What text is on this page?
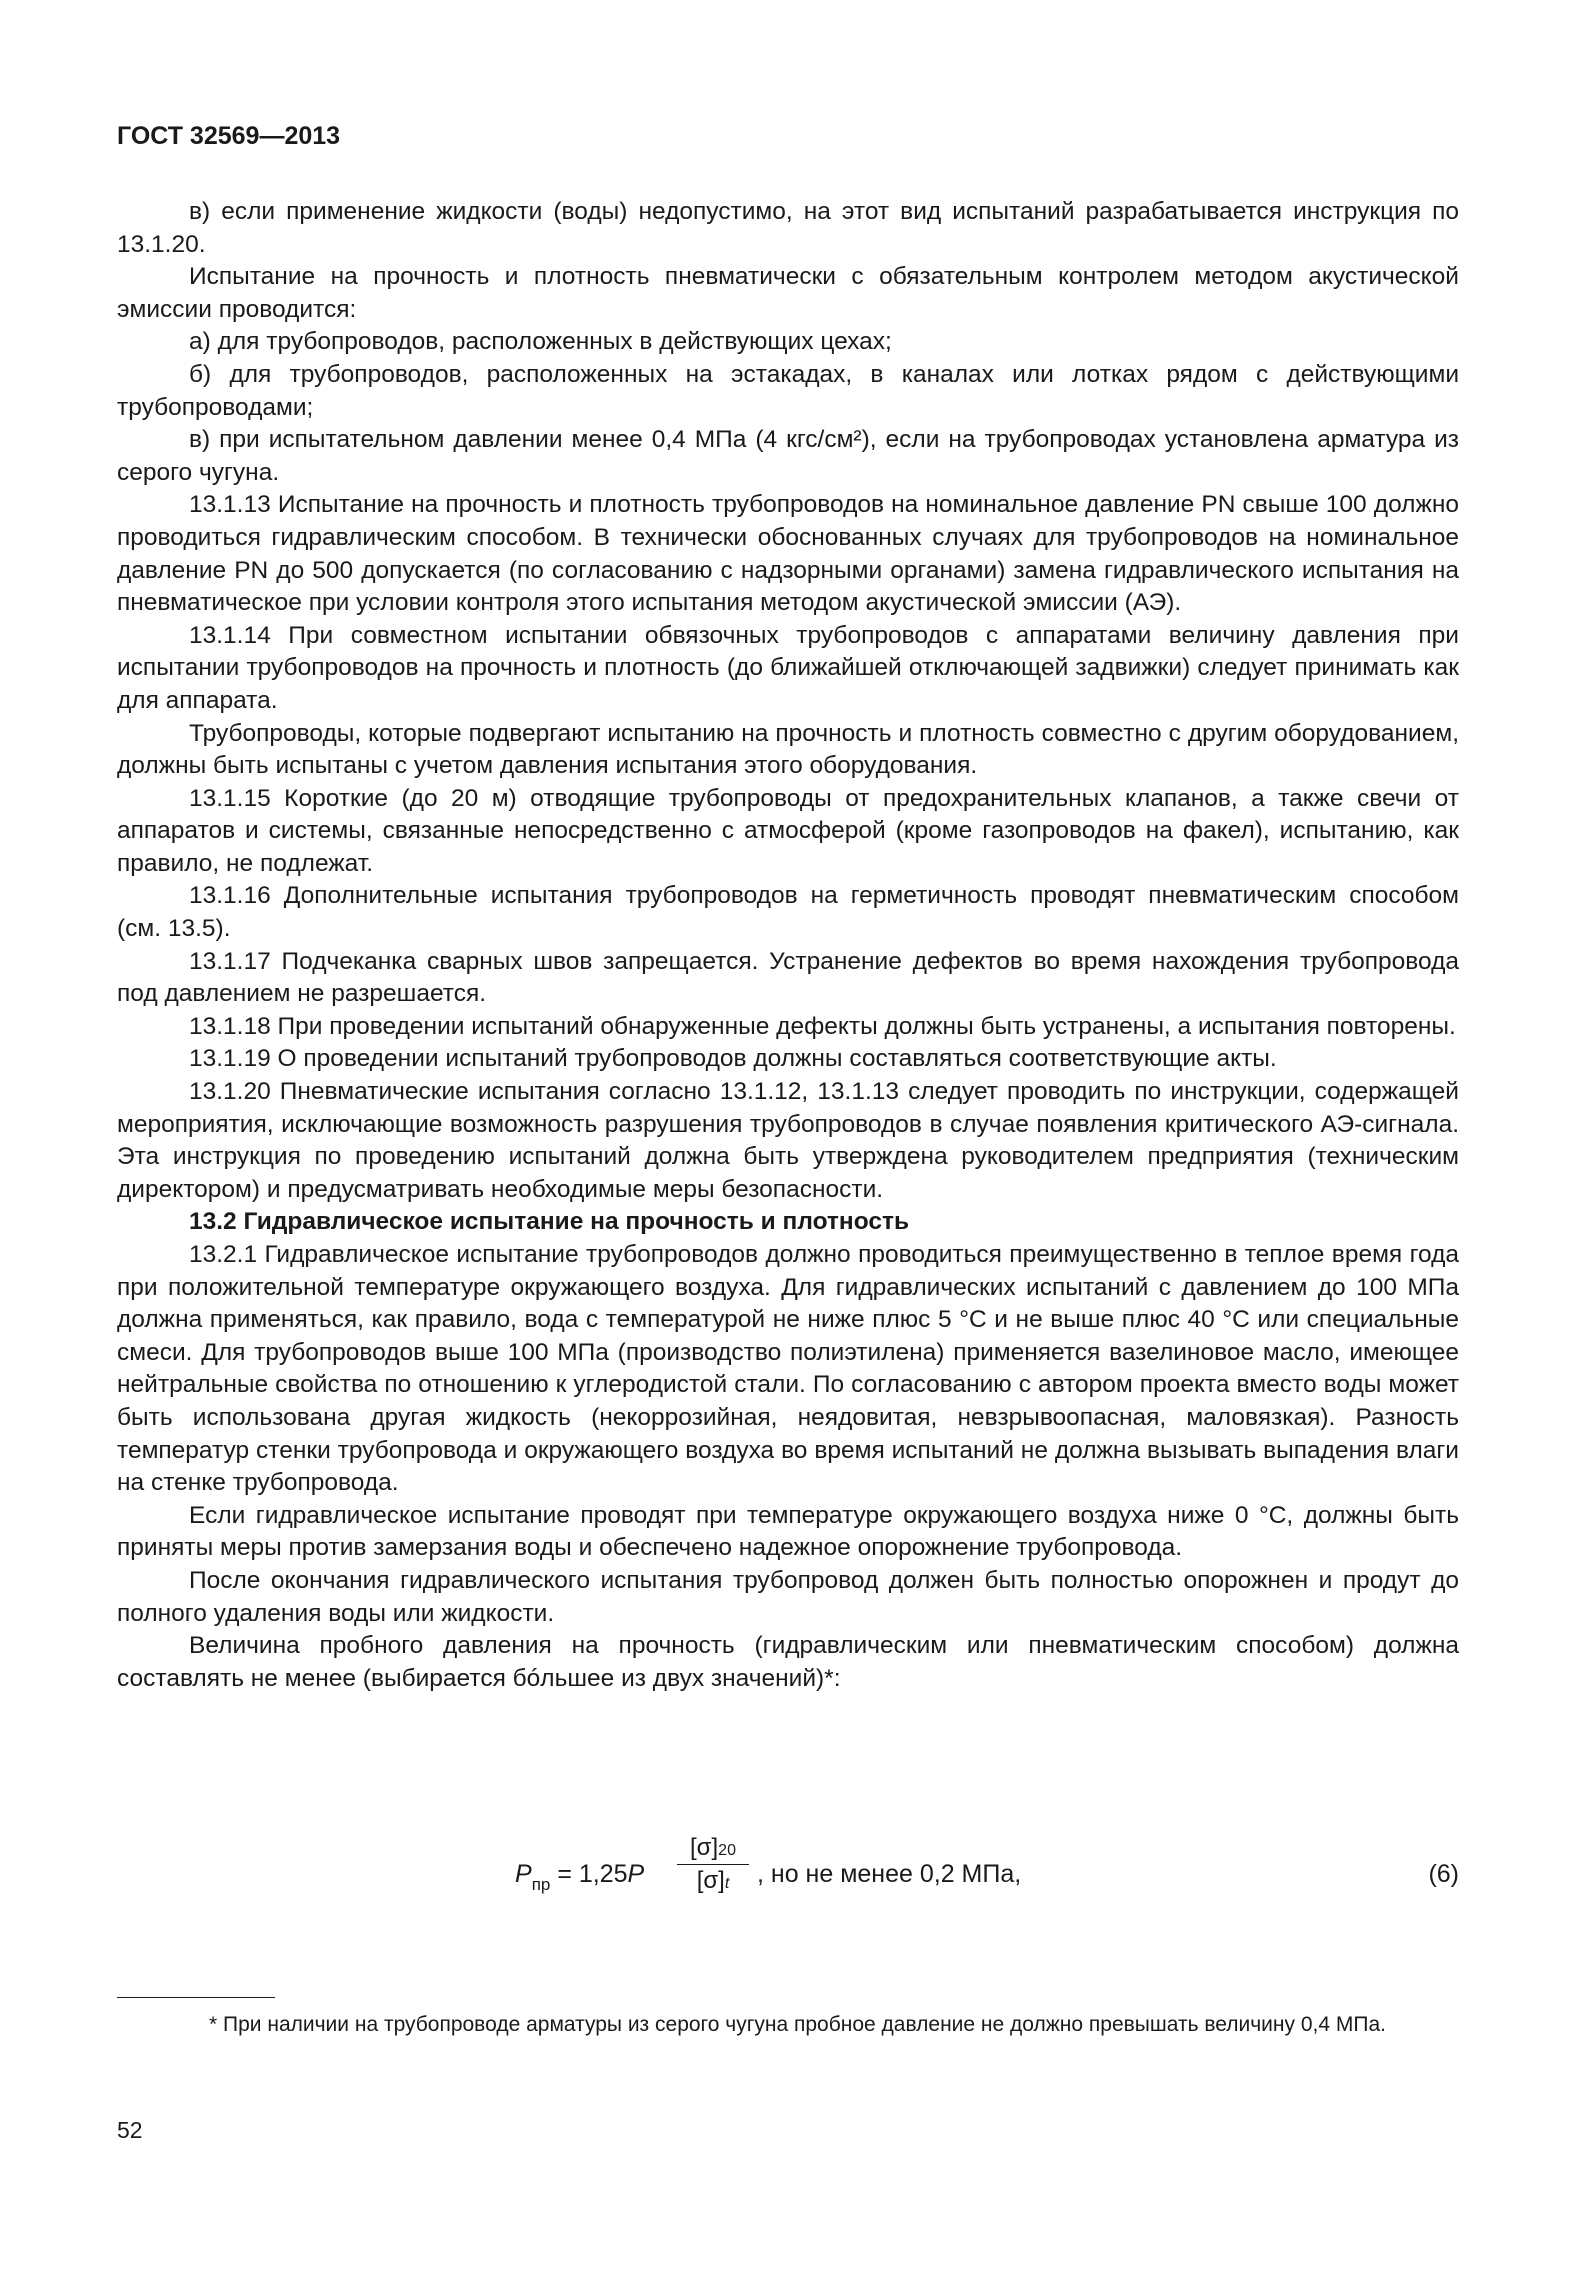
ГОСТ 32569—2013

в) если применение жидкости (воды) недопустимо, на этот вид испытаний разрабатывается инструкция по 13.1.20.

Испытание на прочность и плотность пневматически с обязательным контролем методом акустической эмиссии проводится:

а) для трубопроводов, расположенных в действующих цехах;

б) для трубопроводов, расположенных на эстакадах, в каналах или лотках рядом с действующими трубопроводами;

в) при испытательном давлении менее 0,4 МПа (4 кгс/см²), если на трубопроводах установлена арматура из серого чугуна.

13.1.13 Испытание на прочность и плотность трубопроводов на номинальное давление PN свыше 100 должно проводиться гидравлическим способом. В технически обоснованных случаях для трубопроводов на номинальное давление PN до 500 допускается (по согласованию с надзорными органами) замена гидравлического испытания на пневматическое при условии контроля этого испытания методом акустической эмиссии (АЭ).

13.1.14 При совместном испытании обвязочных трубопроводов с аппаратами величину давления при испытании трубопроводов на прочность и плотность (до ближайшей отключающей задвижки) следует принимать как для аппарата.

Трубопроводы, которые подвергают испытанию на прочность и плотность совместно с другим оборудованием, должны быть испытаны с учетом давления испытания этого оборудования.

13.1.15 Короткие (до 20 м) отводящие трубопроводы от предохранительных клапанов, а также свечи от аппаратов и системы, связанные непосредственно с атмосферой (кроме газопроводов на факел), испытанию, как правило, не подлежат.

13.1.16 Дополнительные испытания трубопроводов на герметичность проводят пневматическим способом (см. 13.5).

13.1.17 Подчеканка сварных швов запрещается. Устранение дефектов во время нахождения трубопровода под давлением не разрешается.

13.1.18 При проведении испытаний обнаруженные дефекты должны быть устранены, а испытания повторены.

13.1.19 О проведении испытаний трубопроводов должны составляться соответствующие акты.

13.1.20 Пневматические испытания согласно 13.1.12, 13.1.13 следует проводить по инструкции, содержащей мероприятия, исключающие возможность разрушения трубопроводов в случае появления критического АЭ-сигнала. Эта инструкция по проведению испытаний должна быть утверждена руководителем предприятия (техническим директором) и предусматривать необходимые меры безопасности.

13.2 Гидравлическое испытание на прочность и плотность

13.2.1 Гидравлическое испытание трубопроводов должно проводиться преимущественно в теплое время года при положительной температуре окружающего воздуха. Для гидравлических испытаний с давлением до 100 МПа должна применяться, как правило, вода с температурой не ниже плюс 5 °С и не выше плюс 40 °С или специальные смеси. Для трубопроводов выше 100 МПа (производство полиэтилена) применяется вазелиновое масло, имеющее нейтральные свойства по отношению к углеродистой стали. По согласованию с автором проекта вместо воды может быть использована другая жидкость (некоррозийная, неядовитая, невзрывоопасная, маловязкая). Разность температур стенки трубопровода и окружающего воздуха во время испытаний не должна вызывать выпадения влаги на стенке трубопровода.

Если гидравлическое испытание проводят при температуре окружающего воздуха ниже 0 °С, должны быть приняты меры против замерзания воды и обеспечено надежное опорожнение трубопровода.

После окончания гидравлического испытания трубопровод должен быть полностью опорожнен и продут до полного удаления воды или жидкости.

Величина пробного давления на прочность (гидравлическим или пневматическим способом) должна составлять не менее (выбирается бóльшее из двух значений)*:

$P_{пр} = 1,25P \frac{[\sigma]20}{[\sigma]t}$ , но не менее 0,2 МПа,	(6)

* При наличии на трубопроводе арматуры из серого чугуна пробное давление не должно превышать величину 0,4 МПа.

52
